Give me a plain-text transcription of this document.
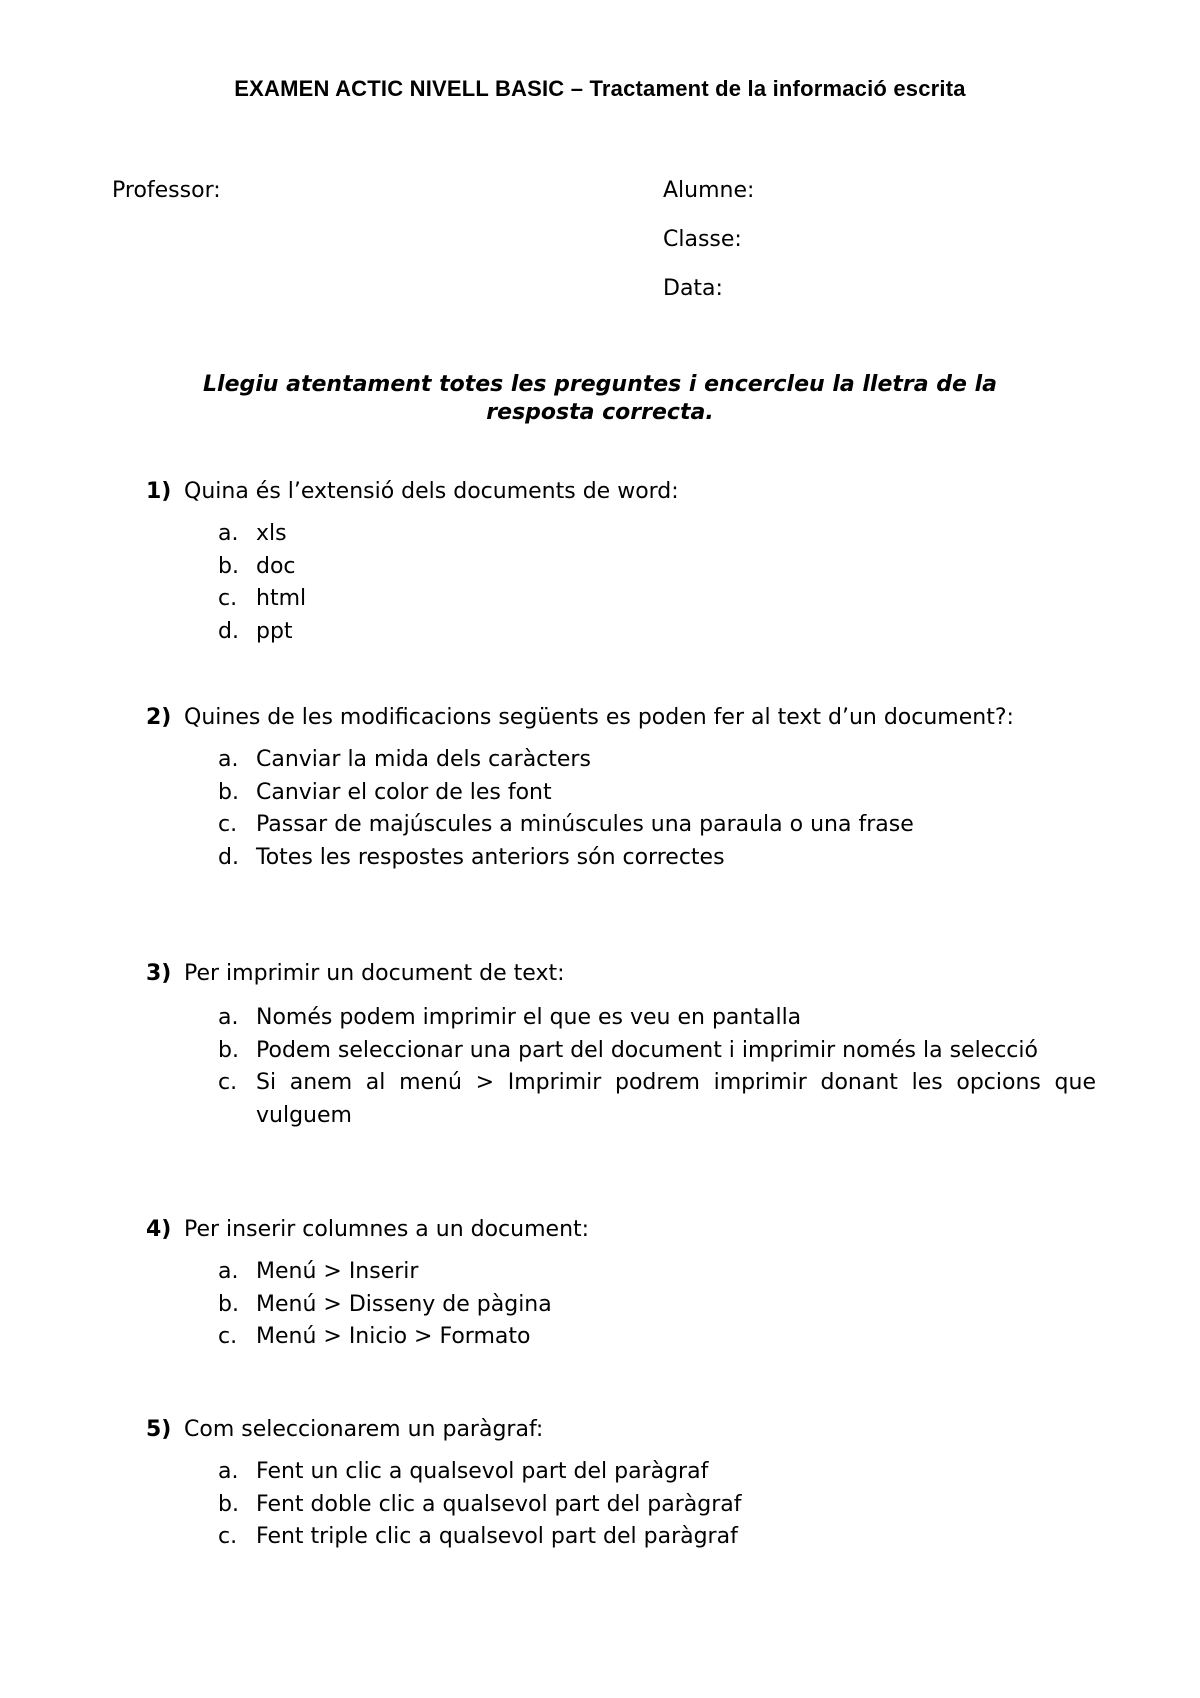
EXAMEN ACTIC NIVELL BASIC – Tractament de la informació escrita
Professor:	Alumne:
Classe:
Data:
Llegiu atentament totes les preguntes i encercleu la lletra de la
resposta correcta.
1) Quina és l’extensió dels documents de word:
a. xls
b. doc
c. html
d. ppt
2) Quines de les modificacions següents es poden fer al text d’un document?:
a. Canviar la mida dels caràcters
b. Canviar el color de les font
c. Passar de majúscules a minúscules una paraula o una frase
d. Totes les respostes anteriors són correctes
3) Per imprimir un document de text:
a. Només podem imprimir el que es veu en pantalla
b. Podem seleccionar una part del document i imprimir només la selecció
c. Si anem al menú > Imprimir podrem imprimir donant les opcions que vulguem
4) Per inserir columnes a un document:
a. Menú > Inserir
b. Menú > Disseny de pàgina
c. Menú > Inicio > Formato
5) Com seleccionarem un paràgraf:
a. Fent un clic a qualsevol part del paràgraf
b. Fent doble clic a qualsevol part del paràgraf
c. Fent triple clic a qualsevol part del paràgraf
